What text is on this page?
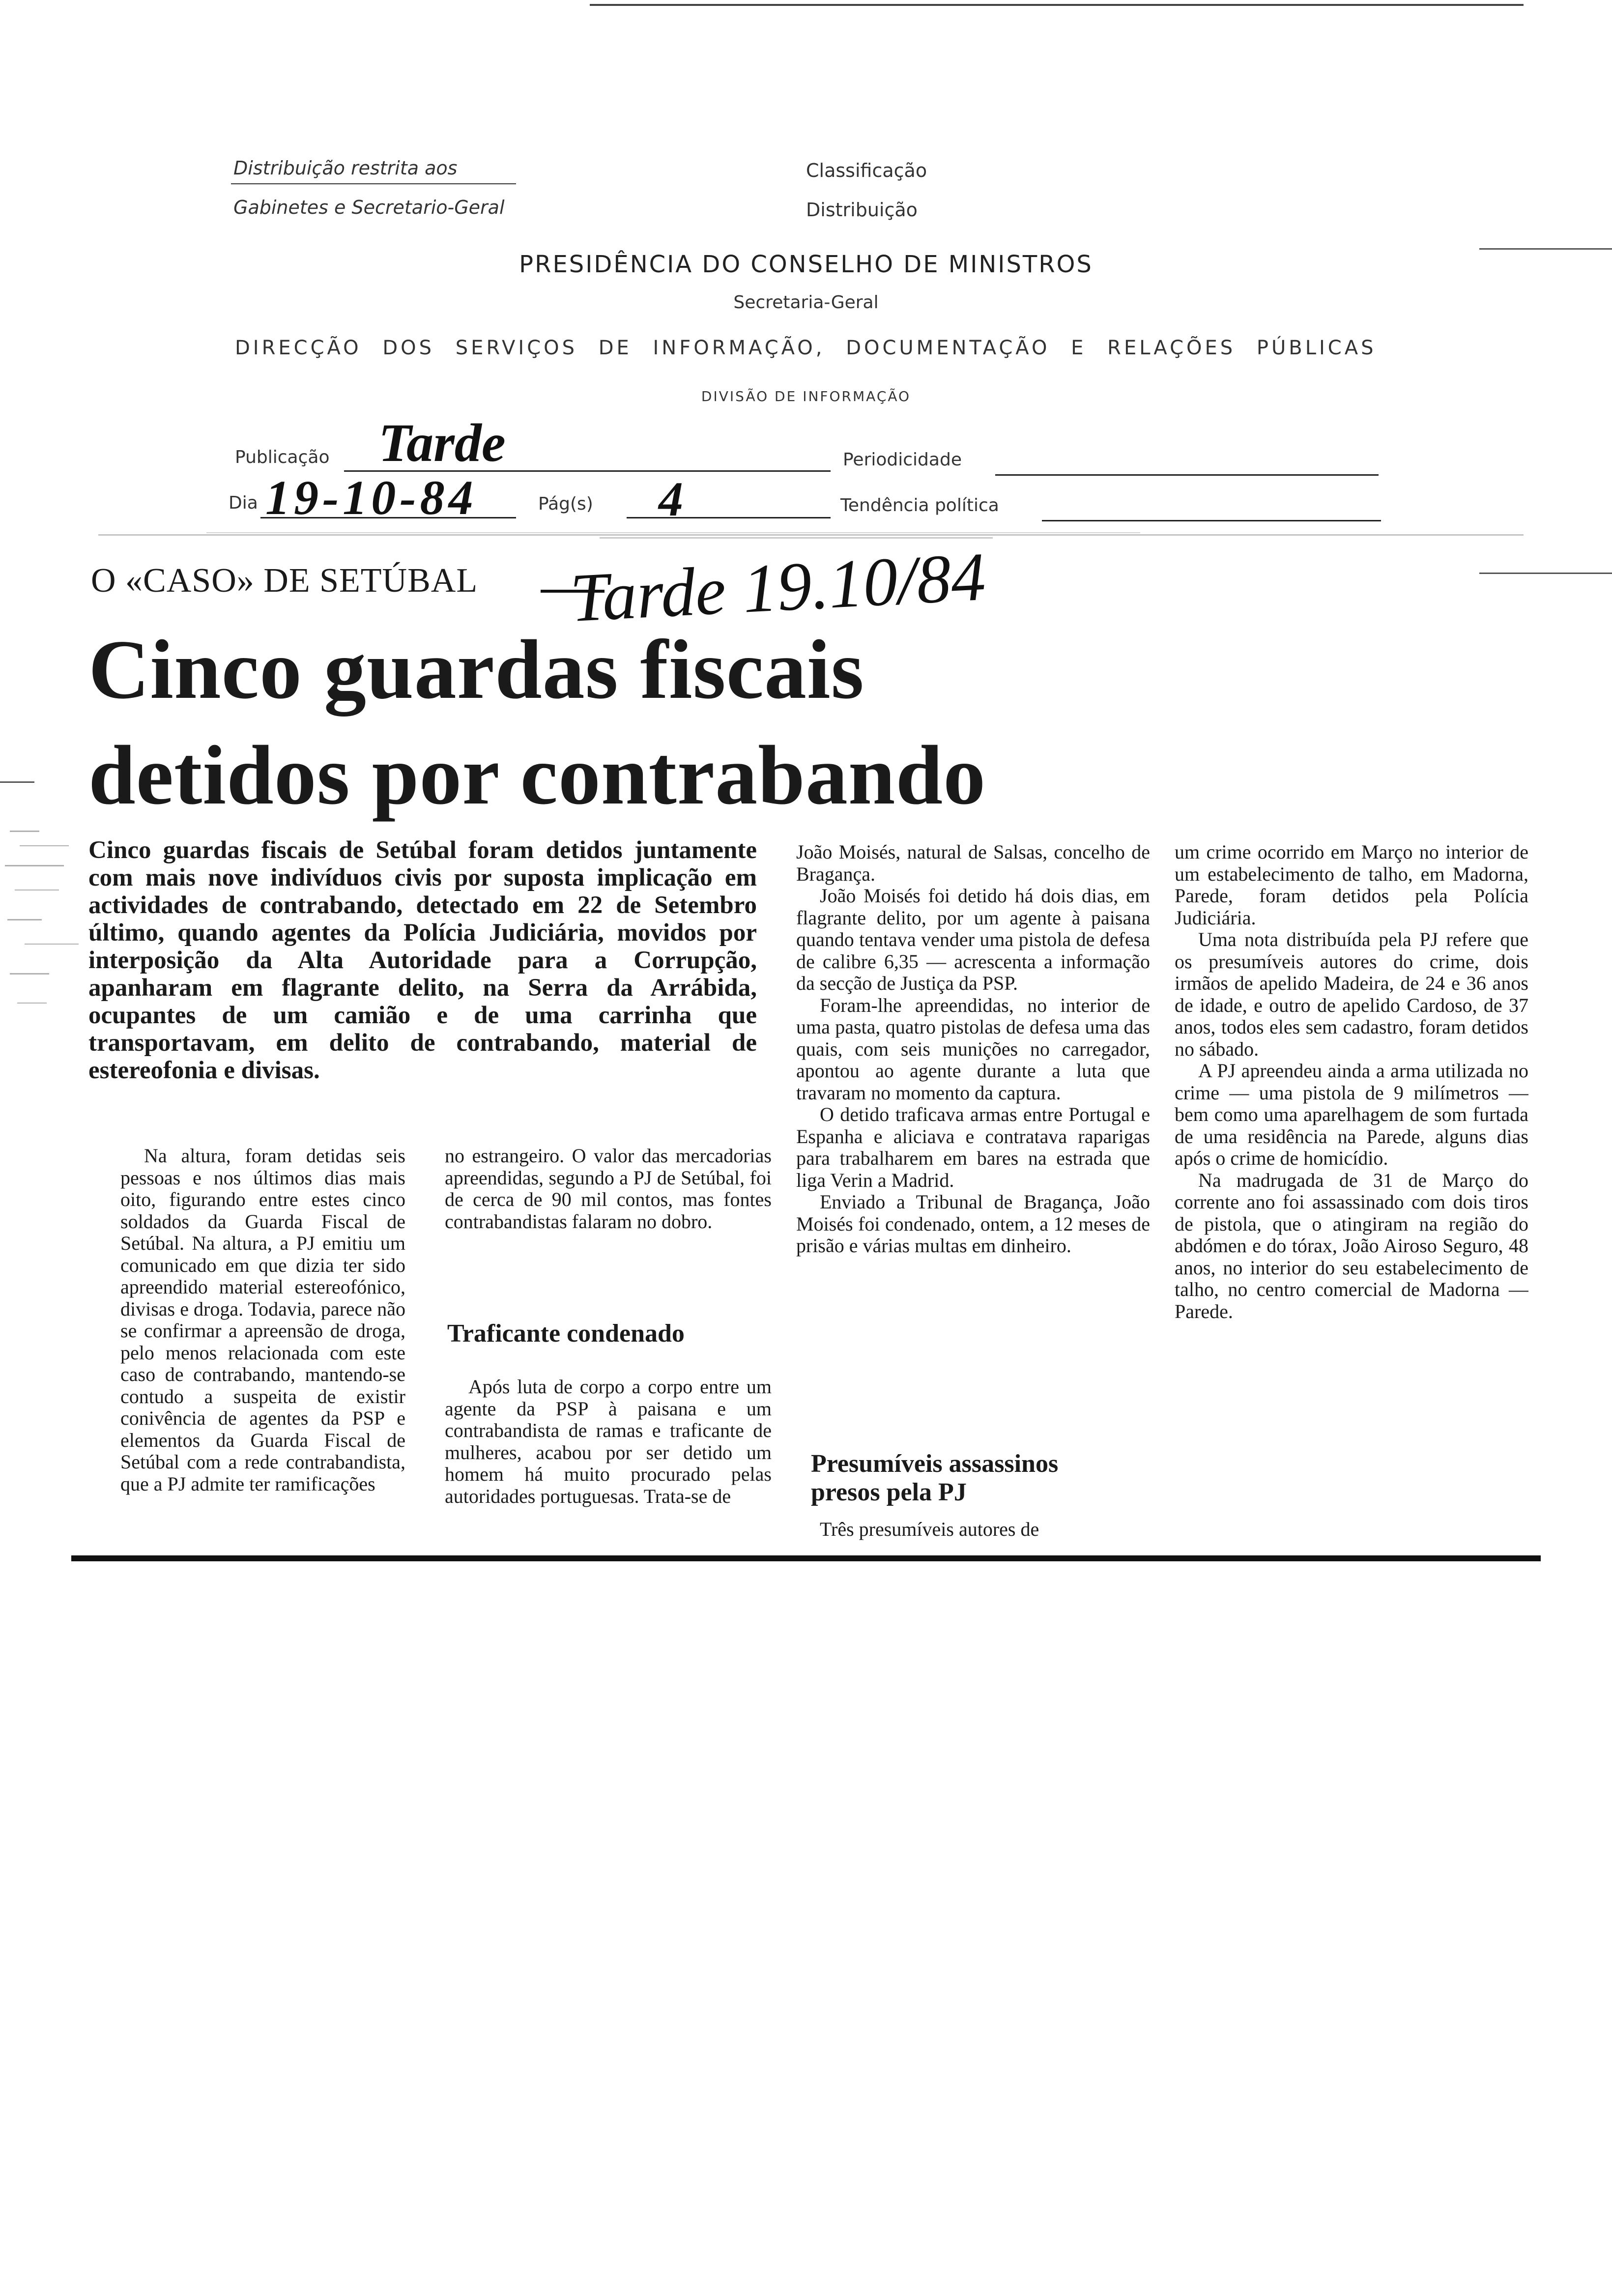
Distribuição restrita aos
Gabinetes e Secretario-Geral
Classificação
Distribuição
PRESIDÊNCIA DO CONSELHO DE MINISTROS
Secretaria-Geral
DIRECÇÃO DOS SERVIÇOS DE INFORMAÇÃO, DOCUMENTAÇÃO E RELAÇÕES PÚBLICAS
DIVISÃO DE INFORMAÇÃO
Publicação Tarde	Periodicidade
Dia 19-10-84	Pág(s) 4	Tendência política
O «CASO» DE SETÚBAL Tarde 19.10/84
Cinco guardas fiscais
detidos por contrabando

Cinco guardas fiscais de Setúbal foram detidos juntamente com mais nove indivíduos civis por suposta implicação em actividades de contrabando, detectado em 22 de Setembro último, quando agentes da Polícia Judiciária, movidos por interposição da Alta Autoridade para a Corrupção, apanharam em flagrante delito, na Serra da Arrábida, ocupantes de um camião e de uma carrinha que transportavam, em delito de contrabando, material de estereofonia e divisas.

Na altura, foram detidas seis pessoas e nos últimos dias mais oito, figurando entre estes cinco soldados da Guarda Fiscal de Setúbal. Na altura, a PJ emitiu um comunicado em que dizia ter sido apreendido material estereofónico, divisas e droga. Todavia, parece não se confirmar a apreensão de droga, pelo menos relacionada com este caso de contrabando, mantendo-se contudo a suspeita de existir conivência de agentes da PSP e elementos da Guarda Fiscal de Setúbal com a rede contrabandista, que a PJ admite ter ramificações

no estrangeiro. O valor das mercadorias apreendidas, segundo a PJ de Setúbal, foi de cerca de 90 mil contos, mas fontes contrabandistas falaram no dobro.

Traficante condenado

Após luta de corpo a corpo entre um agente da PSP à paisana e um contrabandista de ramas e traficante de mulheres, acabou por ser detido um homem há muito procurado pelas autoridades portuguesas. Trata-se de

João Moisés, natural de Salsas, concelho de Bragança.

João Moisés foi detido há dois dias, em flagrante delito, por um agente à paisana quando tentava vender uma pistola de defesa de calibre 6,35 — acrescenta a informação da secção de Justiça da PSP.

Foram-lhe apreendidas, no interior de uma pasta, quatro pistolas de defesa uma das quais, com seis munições no carregador, apontou ao agente durante a luta que travaram no momento da captura.

O detido traficava armas entre Portugal e Espanha e aliciava e contratava raparigas para trabalharem em bares na estrada que liga Verin a Madrid.

Enviado a Tribunal de Bragança, João Moisés foi condenado, ontem, a 12 meses de prisão e várias multas em dinheiro.

Presumíveis assassinos presos pela PJ

Três presumíveis autores de

um crime ocorrido em Março no interior de um estabelecimento de talho, em Madorna, Parede, foram detidos pela Polícia Judiciária.

Uma nota distribuída pela PJ refere que os presumíveis autores do crime, dois irmãos de apelido Madeira, de 24 e 36 anos de idade, e outro de apelido Cardoso, de 37 anos, todos eles sem cadastro, foram detidos no sábado.

A PJ apreendeu ainda a arma utilizada no crime — uma pistola de 9 milímetros — bem como uma aparelhagem de som furtada de uma residência na Parede, alguns dias após o crime de homicídio.

Na madrugada de 31 de Março do corrente ano foi assassinado com dois tiros de pistola, que o atingiram na região do abdómen e do tórax, João Airoso Seguro, 48 anos, no interior do seu estabelecimento de talho, no centro comercial de Madorna — Parede.
